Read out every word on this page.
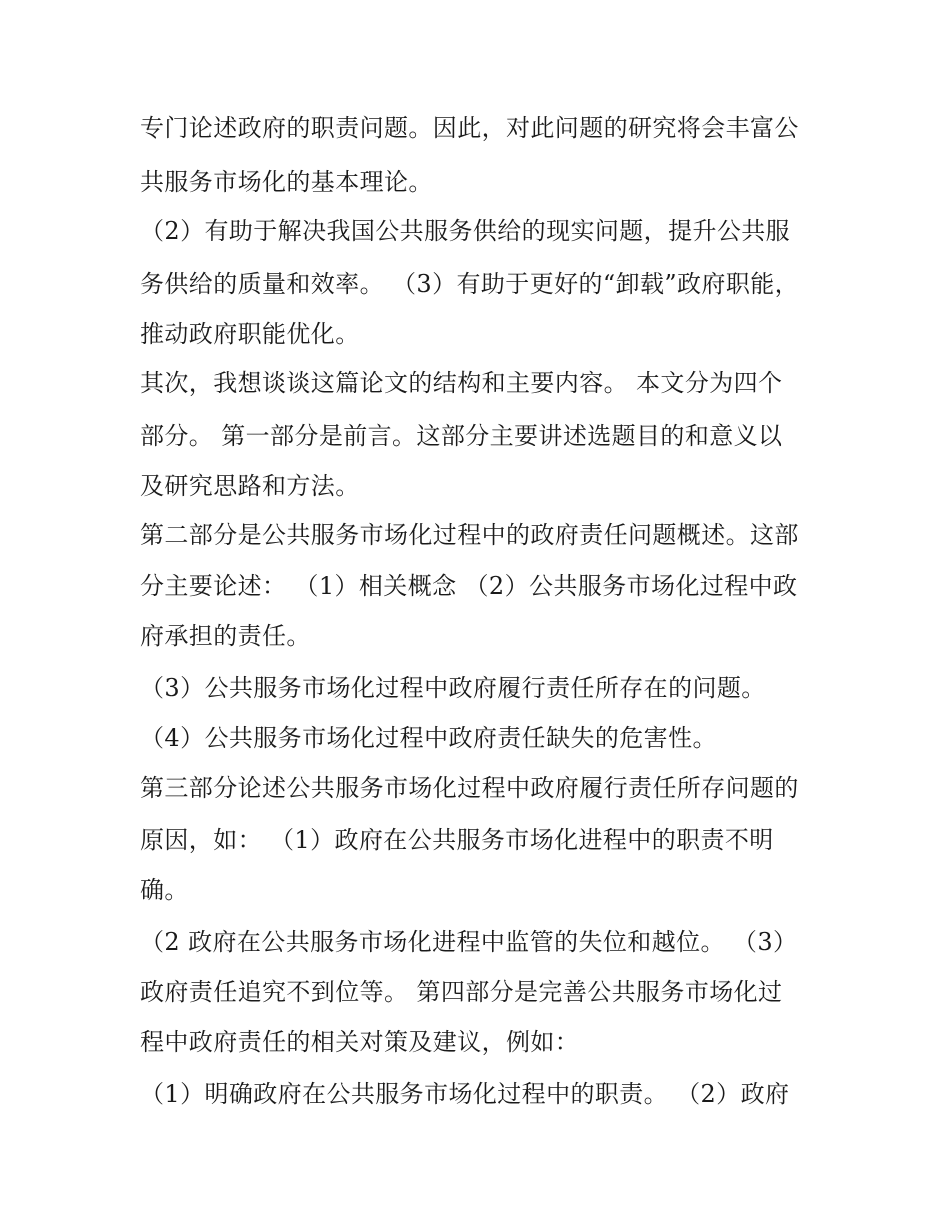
专门论述政府的职责问题。因此，对此问题的研究将会丰富公
共服务市场化的基本理论。
（2）有助于解决我国公共服务供给的现实问题，提升公共服
务供给的质量和效率。 （3）有助于更好的“卸载”政府职能，
推动政府职能优化。
其次，我想谈谈这篇论文的结构和主要内容。 本文分为四个
部分。 第一部分是前言。这部分主要讲述选题目的和意义以
及研究思路和方法。
第二部分是公共服务市场化过程中的政府责任问题概述。这部
分主要论述： （1）相关概念 （2）公共服务市场化过程中政
府承担的责任。
（3）公共服务市场化过程中政府履行责任所存在的问题。
（4）公共服务市场化过程中政府责任缺失的危害性。
第三部分论述公共服务市场化过程中政府履行责任所存问题的
原因，如： （1）政府在公共服务市场化进程中的职责不明
确。
（2 政府在公共服务市场化进程中监管的失位和越位。 （3）
政府责任追究不到位等。 第四部分是完善公共服务市场化过
程中政府责任的相关对策及建议，例如：
（1）明确政府在公共服务市场化过程中的职责。 （2）政府
